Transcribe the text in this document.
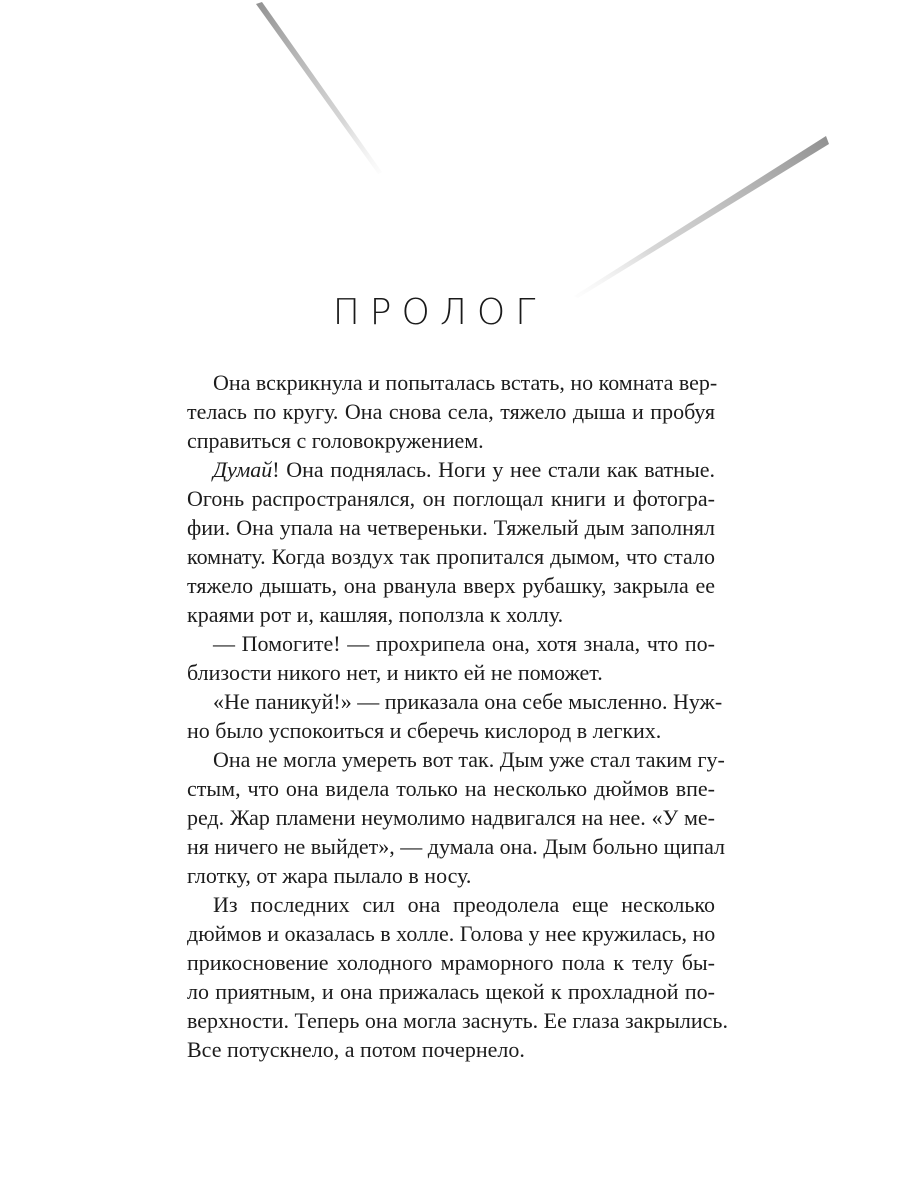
ПРОЛОГ

Она вскрикнула и попыталась встать, но комната вер-
телась по кругу. Она снова села, тяжело дыша и пробуя
справиться с головокружением.

Думай! Она поднялась. Ноги у нее стали как ватные.
Огонь распространялся, он поглощал книги и фотогра-
фии. Она упала на четвереньки. Тяжелый дым заполнял
комнату. Когда воздух так пропитался дымом, что стало
тяжело дышать, она рванула вверх рубашку, закрыла ее
краями рот и, кашляя, поползла к холлу.

— Помогите! — прохрипела она, хотя знала, что по-
близости никого нет, и никто ей не поможет.

«Не паникуй!» — приказала она себе мысленно. Нуж-
но было успокоиться и сберечь кислород в легких.

Она не могла умереть вот так. Дым уже стал таким гу-
стым, что она видела только на несколько дюймов впе-
ред. Жар пламени неумолимо надвигался на нее. «У ме-
ня ничего не выйдет», — думала она. Дым больно щипал
глотку, от жара пылало в носу.

Из последних сил она преодолела еще несколько
дюймов и оказалась в холле. Голова у нее кружилась, но
прикосновение холодного мраморного пола к телу бы-
ло приятным, и она прижалась щекой к прохладной по-
верхности. Теперь она могла заснуть. Ее глаза закрылись.
Все потускнело, а потом почернело.
